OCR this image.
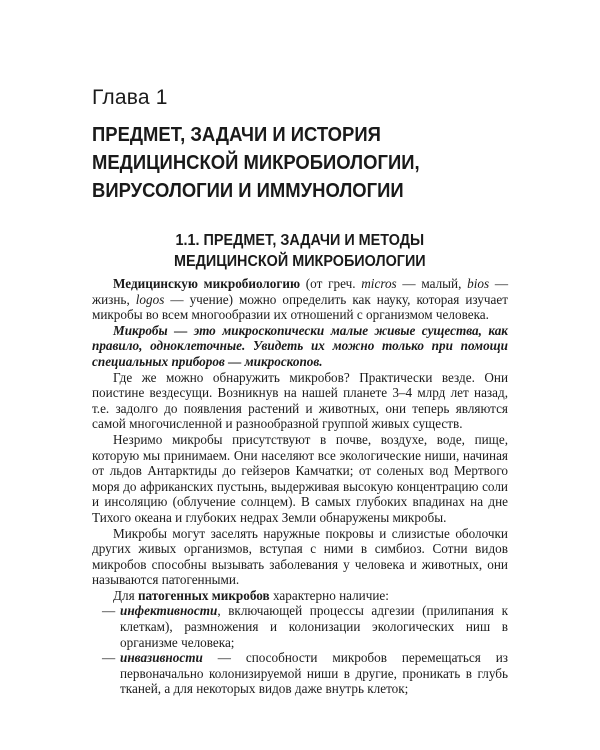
Глава 1
ПРЕДМЕТ, ЗАДАЧИ И ИСТОРИЯ
МЕДИЦИНСКОЙ МИКРОБИОЛОГИИ,
ВИРУСОЛОГИИ И ИММУНОЛОГИИ
1.1. ПРЕДМЕТ, ЗАДАЧИ И МЕТОДЫ
МЕДИЦИНСКОЙ МИКРОБИОЛОГИИ

Медицинскую микробиологию (от греч. micros — малый, bios — жизнь, logos — учение) можно определить как науку, которая изучает микробы во всем многообразии их отношений с организмом человека.

Микробы — это микроскопически малые живые существа, как правило, одноклеточные. Увидеть их можно только при помощи специальных приборов — микроскопов.

Где же можно обнаружить микробов? Практически везде. Они поистине вездесущи. Возникнув на нашей планете 3–4 млрд лет назад, т.е. задолго до появления растений и животных, они теперь являются самой многочисленной и разнообразной группой живых существ.

Незримо микробы присутствуют в почве, воздухе, воде, пище, которую мы принимаем. Они населяют все экологические ниши, начиная от льдов Антарктиды до гейзеров Камчатки; от соленых вод Мертвого моря до африканских пустынь, выдерживая высокую концентрацию соли и инсоляцию (облучение солнцем). В самых глубоких впадинах на дне Тихого океана и глубоких недрах Земли обнаружены микробы.

Микробы могут заселять наружные покровы и слизистые оболочки других живых организмов, вступая с ними в симбиоз. Сотни видов микробов способны вызывать заболевания у человека и животных, они называются патогенными.

Для патогенных микробов характерно наличие:

— инфективности, включающей процессы адгезии (прилипания к клеткам), размножения и колонизации экологических ниш в организме человека;
— инвазивности — способности микробов перемещаться из первоначально колонизируемой ниши в другие, проникать в глубь тканей, а для некоторых видов даже внутрь клеток;
